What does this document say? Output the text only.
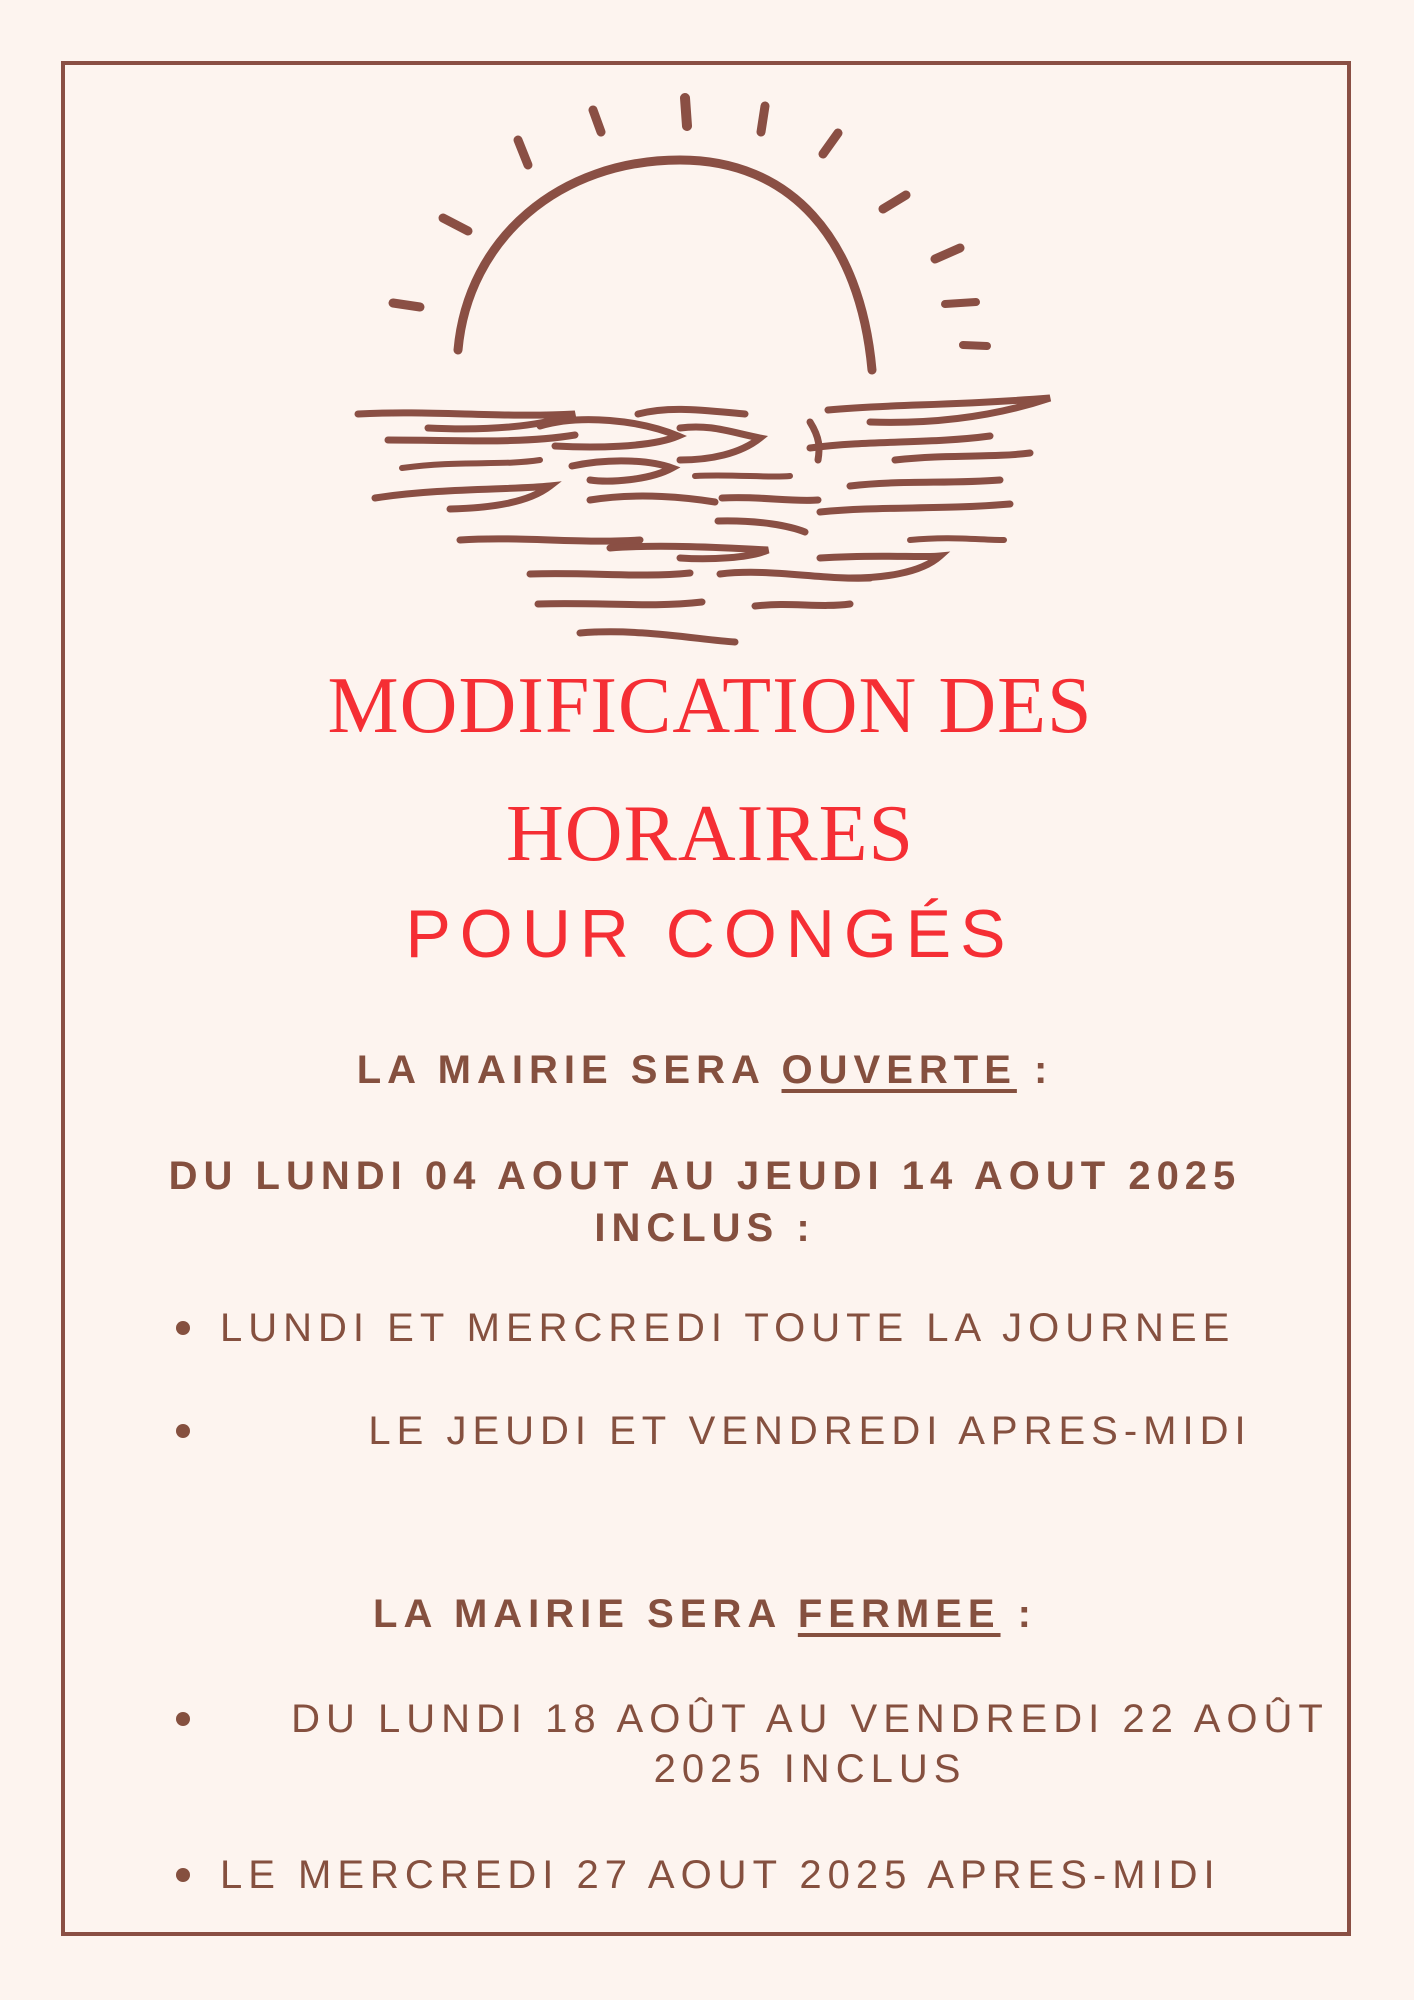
MODIFICATION DES
HORAIRES
POUR CONGÉS

LA MAIRIE SERA OUVERTE :

DU LUNDI 04 AOUT AU JEUDI 14 AOUT 2025 INCLUS :

LUNDI ET MERCREDI TOUTE LA JOURNEE
LE JEUDI ET VENDREDI APRES-MIDI

LA MAIRIE SERA FERMEE :

DU LUNDI 18 AOÛT AU VENDREDI 22 AOÛT 2025 INCLUS
LE MERCREDI 27 AOUT 2025 APRES-MIDI
